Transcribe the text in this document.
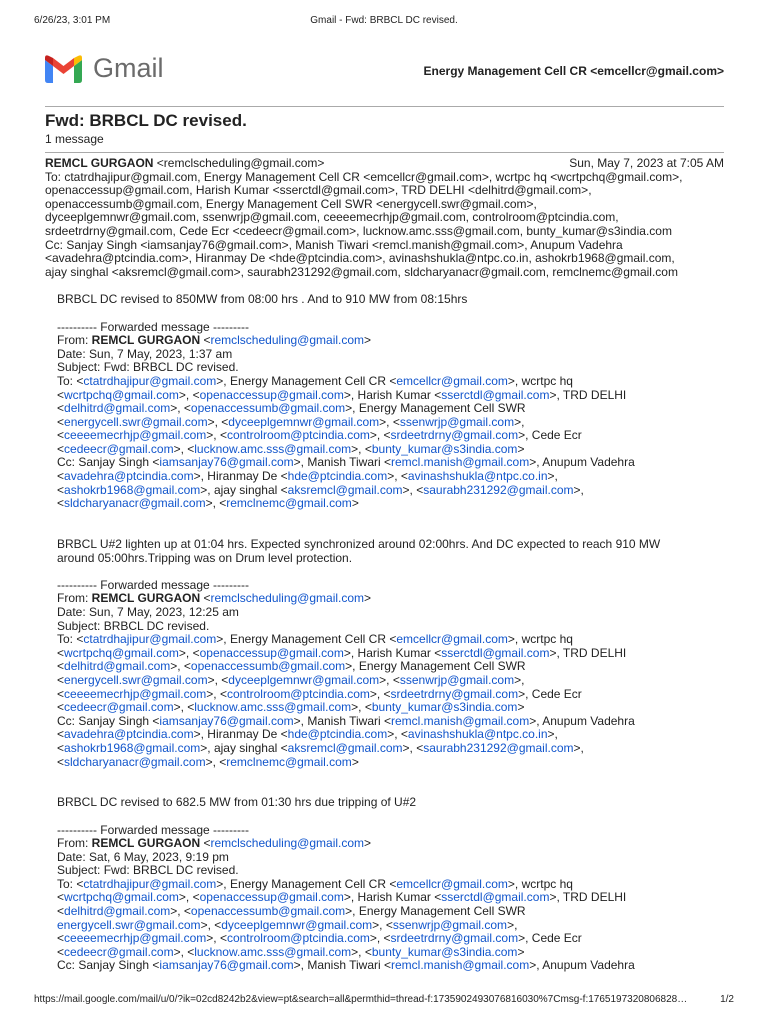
6/26/23, 3:01 PM	Gmail - Fwd: BRBCL DC revised.
Gmail	Energy Management Cell CR <emcellcr@gmail.com>
Fwd: BRBCL DC revised.
1 message
REMCL GURGAON <remclscheduling@gmail.com>	Sun, May 7, 2023 at 7:05 AM
To: ctatrdhajipur@gmail.com, Energy Management Cell CR <emcellcr@gmail.com>, wcrtpc hq <wcrtpchq@gmail.com>,
openaccessup@gmail.com, Harish Kumar <sserctdl@gmail.com>, TRD DELHI <delhitrd@gmail.com>,
openaccessumb@gmail.com, Energy Management Cell SWR <energycell.swr@gmail.com>,
dyceeplgemnwr@gmail.com, ssenwrjp@gmail.com, ceeeemecrhjp@gmail.com, controlroom@ptcindia.com,
srdeetrdrny@gmail.com, Cede Ecr <cedeecr@gmail.com>, lucknow.amc.sss@gmail.com, bunty_kumar@s3india.com
Cc: Sanjay Singh <iamsanjay76@gmail.com>, Manish Tiwari <remcl.manish@gmail.com>, Anupum Vadehra
<avadehra@ptcindia.com>, Hiranmay De <hde@ptcindia.com>, avinashshukla@ntpc.co.in, ashokrb1968@gmail.com,
ajay singhal <aksremcl@gmail.com>, saurabh231292@gmail.com, sldcharyanacr@gmail.com, remclnemc@gmail.com
BRBCL DC revised to 850MW from 08:00 hrs . And to 910 MW from 08:15hrs
---------- Forwarded message ---------
From: REMCL GURGAON <remclscheduling@gmail.com>
Date: Sun, 7 May, 2023, 1:37 am
Subject: Fwd: BRBCL DC revised.
To: <ctatrdhajipur@gmail.com>, Energy Management Cell CR <emcellcr@gmail.com>, wcrtpc hq
<wcrtpchq@gmail.com>, <openaccessup@gmail.com>, Harish Kumar <sserctdl@gmail.com>, TRD DELHI
<delhitrd@gmail.com>, <openaccessumb@gmail.com>, Energy Management Cell SWR
<energycell.swr@gmail.com>, <dyceeplgemnwr@gmail.com>, <ssenwrjp@gmail.com>,
<ceeeemecrhjp@gmail.com>, <controlroom@ptcindia.com>, <srdeetrdrny@gmail.com>, Cede Ecr
<cedeecr@gmail.com>, <lucknow.amc.sss@gmail.com>, <bunty_kumar@s3india.com>
Cc: Sanjay Singh <iamsanjay76@gmail.com>, Manish Tiwari <remcl.manish@gmail.com>, Anupum Vadehra
<avadehra@ptcindia.com>, Hiranmay De <hde@ptcindia.com>, <avinashshukla@ntpc.co.in>,
<ashokrb1968@gmail.com>, ajay singhal <aksremcl@gmail.com>, <saurabh231292@gmail.com>,
<sldcharyanacr@gmail.com>, <remclnemc@gmail.com>
BRBCL U#2 lighten up at 01:04 hrs. Expected synchronized around 02:00hrs. And DC expected to reach 910 MW
around 05:00hrs.Tripping was on Drum level protection.
---------- Forwarded message ---------
From: REMCL GURGAON <remclscheduling@gmail.com>
Date: Sun, 7 May, 2023, 12:25 am
Subject: BRBCL DC revised.
To: <ctatrdhajipur@gmail.com>, Energy Management Cell CR <emcellcr@gmail.com>, wcrtpc hq
<wcrtpchq@gmail.com>, <openaccessup@gmail.com>, Harish Kumar <sserctdl@gmail.com>, TRD DELHI
<delhitrd@gmail.com>, <openaccessumb@gmail.com>, Energy Management Cell SWR
<energycell.swr@gmail.com>, <dyceeplgemnwr@gmail.com>, <ssenwrjp@gmail.com>,
<ceeeemecrhjp@gmail.com>, <controlroom@ptcindia.com>, <srdeetrdrny@gmail.com>, Cede Ecr
<cedeecr@gmail.com>, <lucknow.amc.sss@gmail.com>, <bunty_kumar@s3india.com>
Cc: Sanjay Singh <iamsanjay76@gmail.com>, Manish Tiwari <remcl.manish@gmail.com>, Anupum Vadehra
<avadehra@ptcindia.com>, Hiranmay De <hde@ptcindia.com>, <avinashshukla@ntpc.co.in>,
<ashokrb1968@gmail.com>, ajay singhal <aksremcl@gmail.com>, <saurabh231292@gmail.com>,
<sldcharyanacr@gmail.com>, <remclnemc@gmail.com>
BRBCL DC revised to 682.5 MW from 01:30 hrs due tripping of U#2
---------- Forwarded message ---------
From: REMCL GURGAON <remclscheduling@gmail.com>
Date: Sat, 6 May, 2023, 9:19 pm
Subject: Fwd: BRBCL DC revised.
To: <ctatrdhajipur@gmail.com>, Energy Management Cell CR <emcellcr@gmail.com>, wcrtpc hq
<wcrtpchq@gmail.com>, <openaccessup@gmail.com>, Harish Kumar <sserctdl@gmail.com>, TRD DELHI
<delhitrd@gmail.com>, <openaccessumb@gmail.com>, Energy Management Cell SWR
energycell.swr@gmail.com>, <dyceeplgemnwr@gmail.com>, <ssenwrjp@gmail.com>,
<ceeeemecrhjp@gmail.com>, <controlroom@ptcindia.com>, <srdeetrdrny@gmail.com>, Cede Ecr
<cedeecr@gmail.com>, <lucknow.amc.sss@gmail.com>, <bunty_kumar@s3india.com>
Cc: Sanjay Singh <iamsanjay76@gmail.com>, Manish Tiwari <remcl.manish@gmail.com>, Anupum Vadehra
https://mail.google.com/mail/u/0/?ik=02cd8242b2&view=pt&search=all&permthid=thread-f:1735902493076816030%7Cmsg-f:1765197320806828…	1/2
